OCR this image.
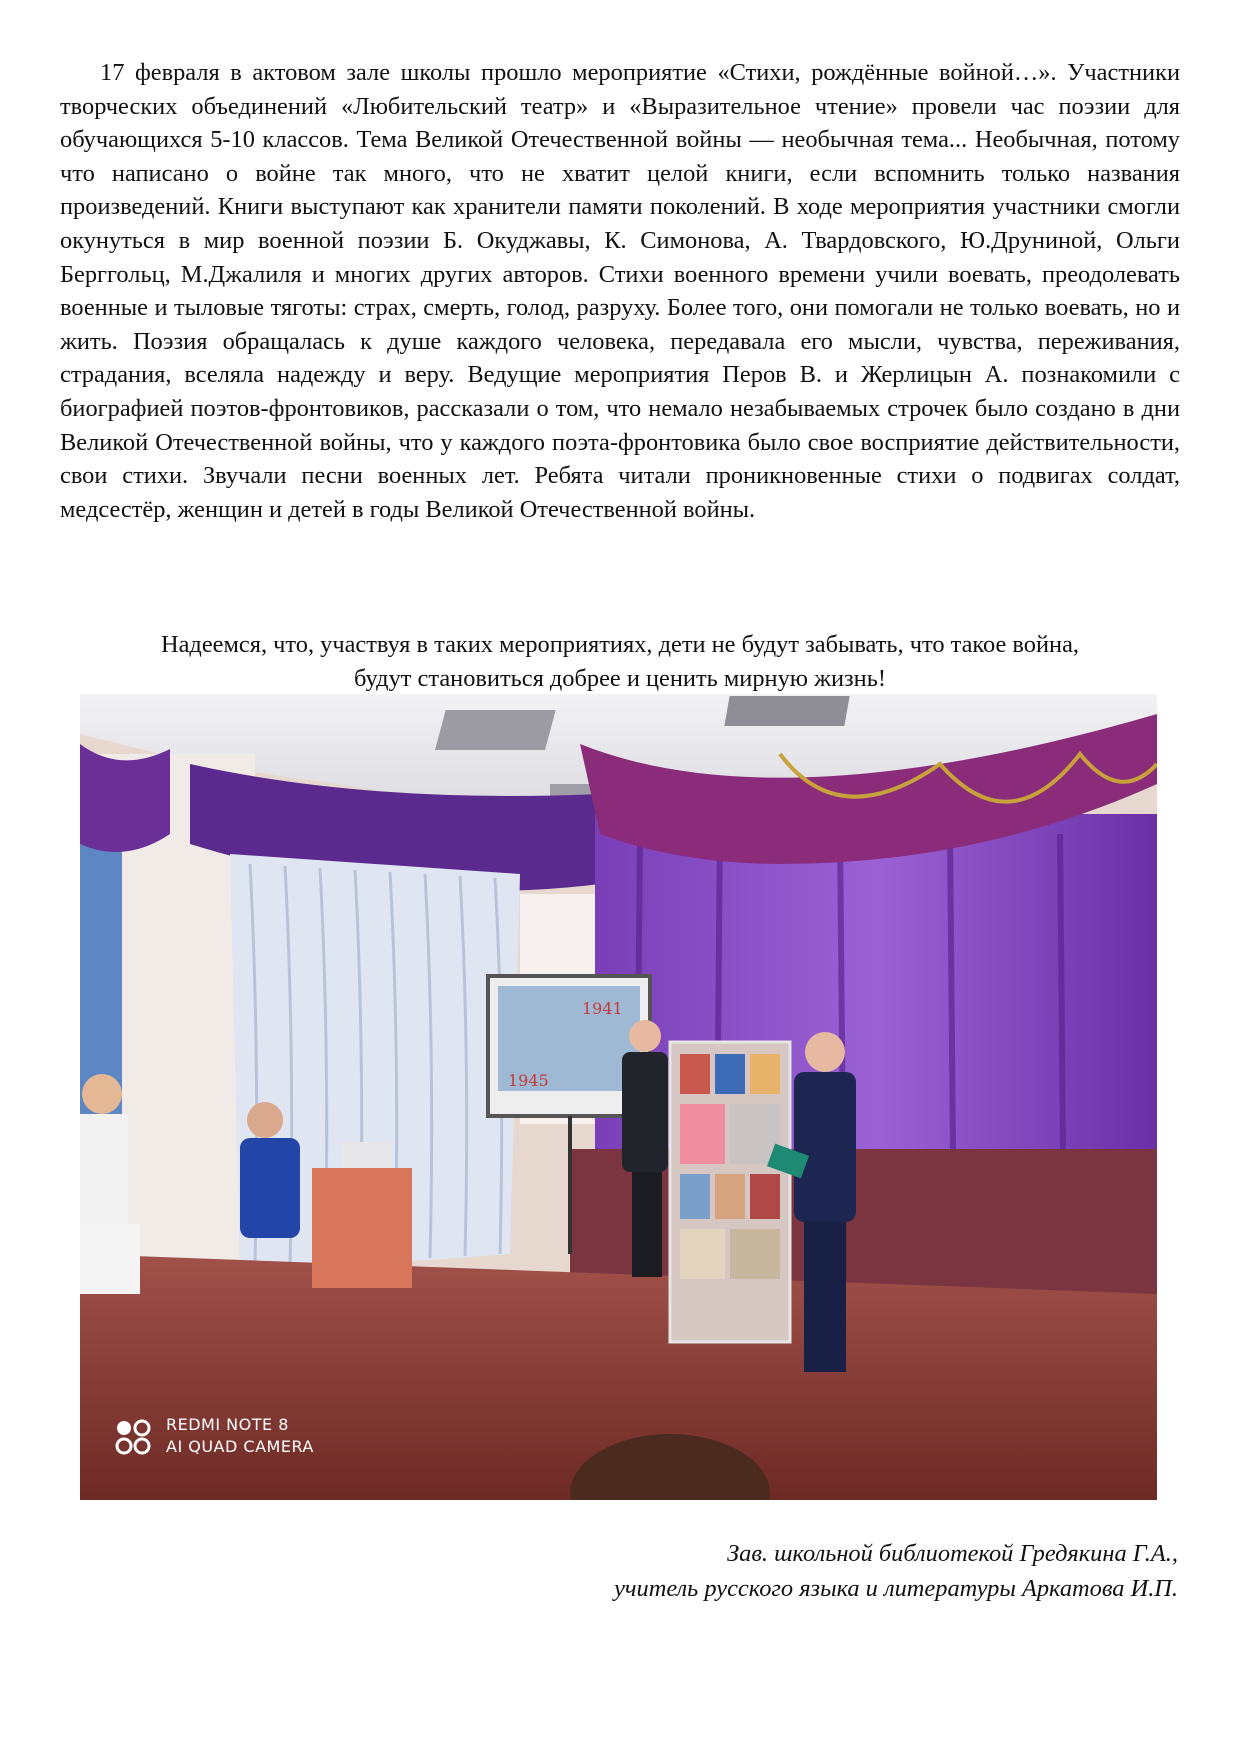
17 февраля в актовом зале школы прошло мероприятие «Стихи, рождённые войной…». Участники творческих объединений «Любительский театр» и «Выразительное чтение» провели час поэзии для обучающихся 5-10 классов. Тема Великой Отечественной войны — необычная тема... Необычная, потому что написано о войне так много, что не хватит целой книги, если вспомнить только названия произведений. Книги выступают как хранители памяти поколений. В ходе мероприятия участники смогли окунуться в мир военной поэзии Б. Окуджавы, К. Симонова, А. Твардовского, Ю.Друниной, Ольги Берггольц, М.Джалиля и многих других авторов. Стихи военного времени учили воевать, преодолевать военные и тыловые тяготы: страх, смерть, голод, разруху. Более того, они помогали не только воевать, но и жить. Поэзия обращалась к душе каждого человека, передавала его мысли, чувства, переживания, страдания, вселяла надежду и веру. Ведущие мероприятия Перов В. и Жерлицын А. познакомили с биографией поэтов-фронтовиков, рассказали о том, что немало незабываемых строчек было создано в дни Великой Отечественной войны, что у каждого поэта-фронтовика было свое восприятие действительности, свои стихи. Звучали песни военных лет. Ребята читали проникновенные стихи о подвигах солдат, медсестёр, женщин и детей в годы Великой Отечественной войны.

Надеемся, что, участвуя в таких мероприятиях, дети не будут забывать, что такое война,
будут становиться добрее и ценить мирную жизнь!
1941
1945
REDMI NOTE 8
AI QUAD CAMERA
Зав. школьной библиотекой Гредякина Г.А.,
учитель русского языка и литературы Аркатова И.П.
